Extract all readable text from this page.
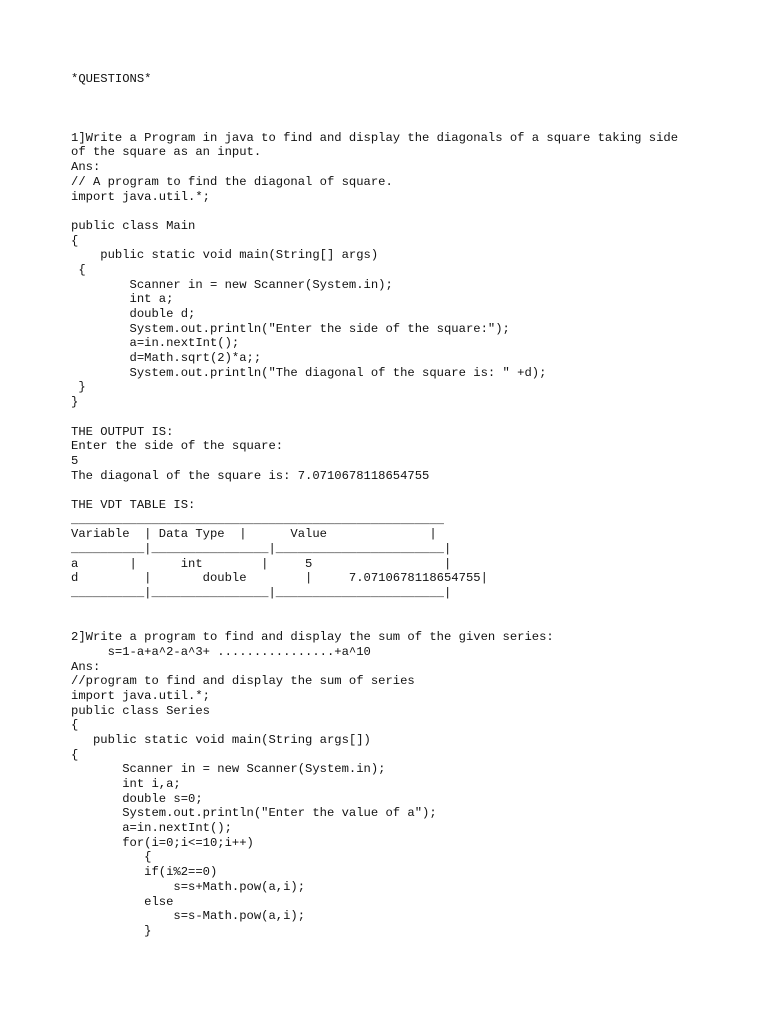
*QUESTIONS*
1]Write a Program in java to find and display the diagonals of a square taking side
of the square as an input.
Ans:
// A program to find the diagonal of square.
import java.util.*;
public class Main
{
public static void main(String[] args)
{
Scanner in = new Scanner(System.in);
int a;
double d;
System.out.println("Enter the side of the square:");
a=in.nextInt();
d=Math.sqrt(2)*a;;
System.out.println("The diagonal of the square is: " +d);
}
}
THE OUTPUT IS:
Enter the side of the square:
5
The diagonal of the square is: 7.0710678118654755
THE VDT TABLE IS:
___________________________________________________
Variable  | Data Type  |      Value              |
__________|________________|_______________________|
a       |      int        |     5                  |
d         |       double        |     7.0710678118654755|
__________|________________|_______________________|
2]Write a program to find and display the sum of the given series:
s=1-a+a^2-a^3+ ................+a^10
Ans:
//program to find and display the sum of series
import java.util.*;
public class Series
{
public static void main(String args[])
{
Scanner in = new Scanner(System.in);
int i,a;
double s=0;
System.out.println("Enter the value of a");
a=in.nextInt();
for(i=0;i<=10;i++)
{
if(i%2==0)
s=s+Math.pow(a,i);
else
s=s-Math.pow(a,i);
}
